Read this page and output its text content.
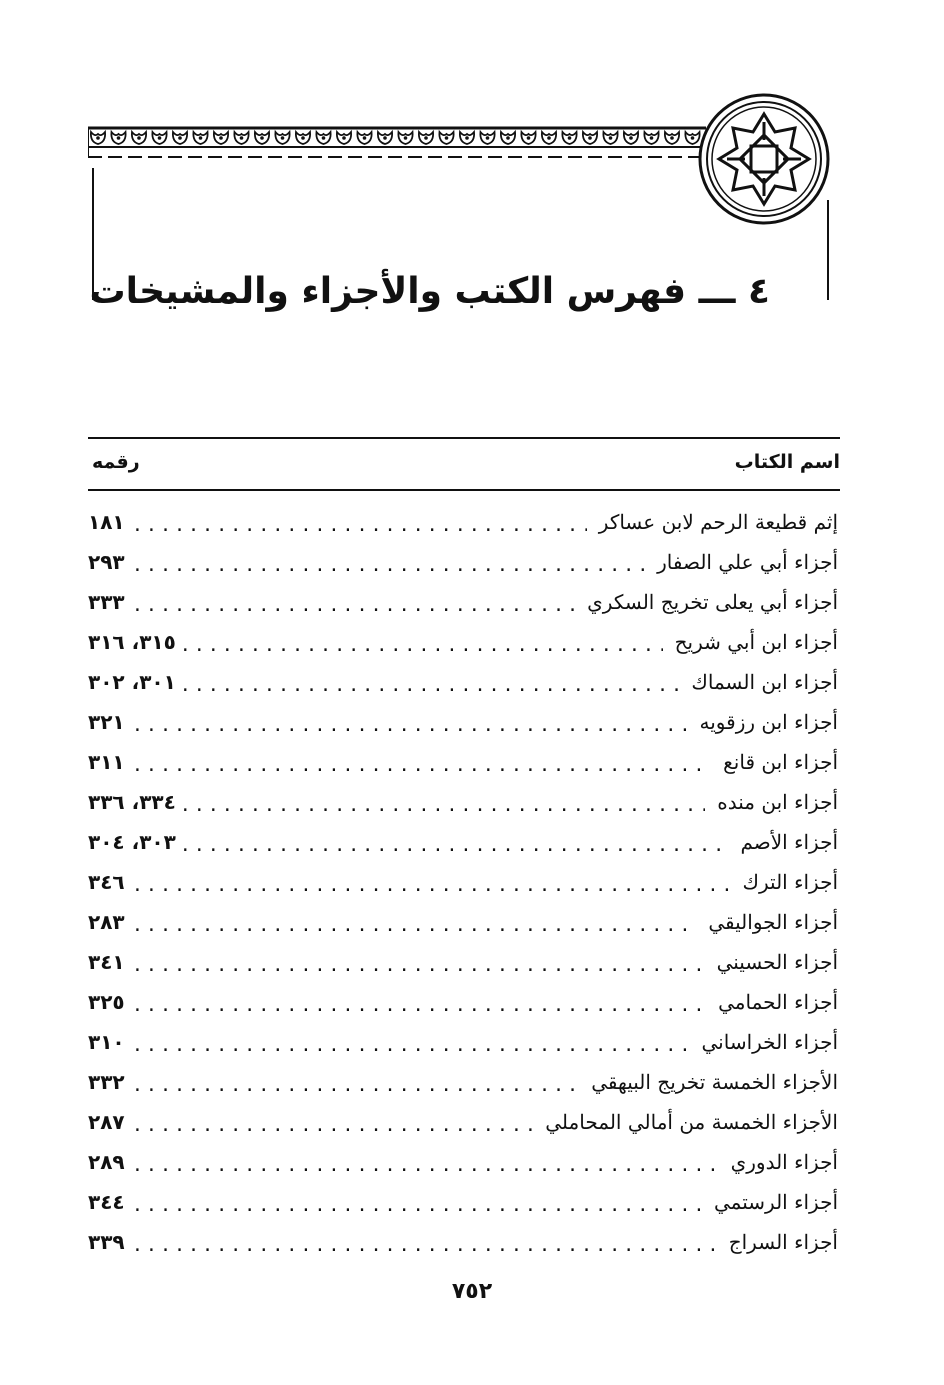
٤ ـــ فهرس الكتب والأجزاء والمشيخات
اسم الكتاب
رقمه
إثم قطيعة الرحم لابن عساكر
.....
١٨١
أجزاء أبي علي الصفار
.....
٢٩٣
أجزاء أبي يعلى تخريج السكري
.....
٣٣٣
أجزاء ابن أبي شريح
.....
٣١٥، ٣١٦
أجزاء ابن السماك
.....
٣٠١، ٣٠٢
أجزاء ابن رزقويه
.....
٣٢١
أجزاء ابن قانع
.....
٣١١
أجزاء ابن منده
.....
٣٣٤، ٣٣٦
أجزاء الأصم
.....
٣٠٣، ٣٠٤
أجزاء الترك
.....
٣٤٦
أجزاء الجواليقي
.....
٢٨٣
أجزاء الحسيني
.....
٣٤١
أجزاء الحمامي
.....
٣٢٥
أجزاء الخراساني
.....
٣١٠
الأجزاء الخمسة تخريج البيهقي
.....
٣٣٢
الأجزاء الخمسة من أمالي المحاملي
.....
٢٨٧
أجزاء الدوري
.....
٢٨٩
أجزاء الرستمي
.....
٣٤٤
أجزاء السراج
.....
٣٣٩
٧٥٢
